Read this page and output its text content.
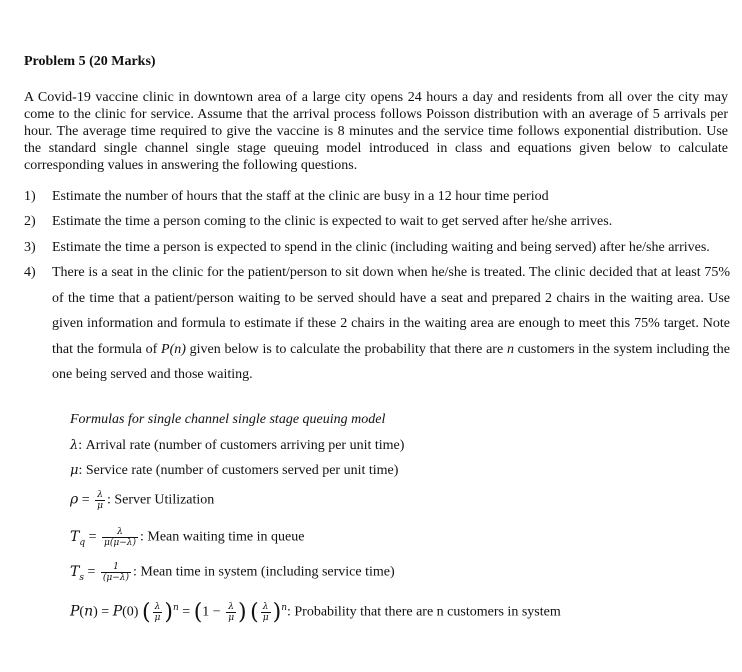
Problem 5 (20 Marks)
A Covid-19 vaccine clinic in downtown area of a large city opens 24 hours a day and residents from all over the city may come to the clinic for service. Assume that the arrival process follows Poisson distribution with an average of 5 arrivals per hour. The average time required to give the vaccine is 8 minutes and the service time follows exponential distribution. Use the standard single channel single stage queuing model introduced in class and equations given below to calculate corresponding values in answering the following questions.
1) Estimate the number of hours that the staff at the clinic are busy in a 12 hour time period
2) Estimate the time a person coming to the clinic is expected to wait to get served after he/she arrives.
3) Estimate the time a person is expected to spend in the clinic (including waiting and being served) after he/she arrives.
4) There is a seat in the clinic for the patient/person to sit down when he/she is treated. The clinic decided that at least 75% of the time that a patient/person waiting to be served should have a seat and prepared 2 chairs in the waiting area. Use given information and formula to estimate if these 2 chairs in the waiting area are enough to meet this 75% target. Note that the formula of P(n) given below is to calculate the probability that there are n customers in the system including the one being served and those waiting.
Formulas for single channel single stage queuing model
λ: Arrival rate (number of customers arriving per unit time)
μ: Service rate (number of customers served per unit time)
$\rho = \frac{\lambda}{\mu}$ : Server Utilization
$T_q = \frac{\lambda}{\mu(\mu-\lambda)}$ : Mean waiting time in queue
$T_s = \frac{1}{(\mu-\lambda)}$ : Mean time in system (including service time)
P(n) = P(0) ( $\frac{\lambda}{\mu} )^n = (1 - \frac{\lambda}{\mu}$ ) ( $\frac{\lambda}{\mu} )^n$: Probability that there are n customers in system
